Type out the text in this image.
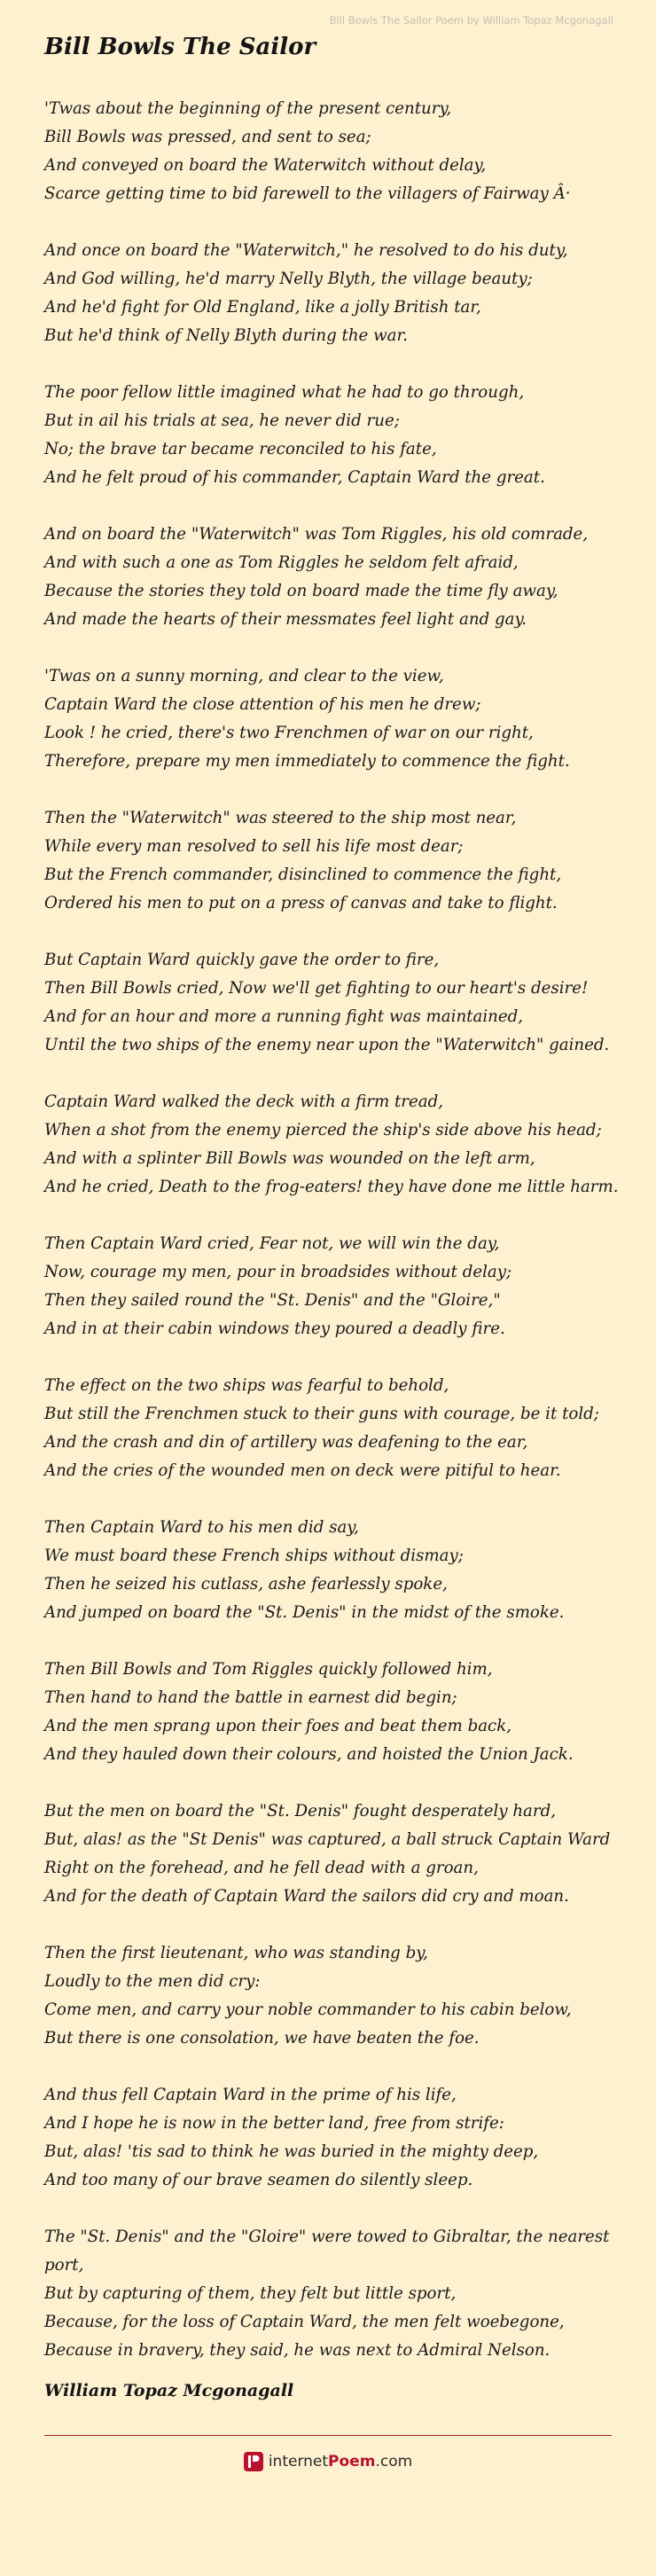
Bill Bowls The Sailor Poem by William Topaz Mcgonagall
Bill Bowls The Sailor
'Twas about the beginning of the present century,
Bill Bowls was pressed, and sent to sea;
And conveyed on board the Waterwitch without delay,
Scarce getting time to bid farewell to the villagers of Fairway Â·
And once on board the "Waterwitch," he resolved to do his duty,
And God willing, he'd marry Nelly Blyth, the village beauty;
And he'd fight for Old England, like a jolly British tar,
But he'd think of Nelly Blyth during the war.
The poor fellow little imagined what he had to go through,
But in ail his trials at sea, he never did rue;
No; the brave tar became reconciled to his fate,
And he felt proud of his commander, Captain Ward the great.
And on board the "Waterwitch" was Tom Riggles, his old comrade,
And with such a one as Tom Riggles he seldom felt afraid,
Because the stories they told on board made the time fly away,
And made the hearts of their messmates feel light and gay.
'Twas on a sunny morning, and clear to the view,
Captain Ward the close attention of his men he drew;
Look ! he cried, there's two Frenchmen of war on our right,
Therefore, prepare my men immediately to commence the fight.
Then the "Waterwitch" was steered to the ship most near,
While every man resolved to sell his life most dear;
But the French commander, disinclined to commence the fight,
Ordered his men to put on a press of canvas and take to flight.
But Captain Ward quickly gave the order to fire,
Then Bill Bowls cried, Now we'll get fighting to our heart's desire!
And for an hour and more a running fight was maintained,
Until the two ships of the enemy near upon the "Waterwitch" gained.
Captain Ward walked the deck with a firm tread,
When a shot from the enemy pierced the ship's side above his head;
And with a splinter Bill Bowls was wounded on the left arm,
And he cried, Death to the frog-eaters! they have done me little harm.
Then Captain Ward cried, Fear not, we will win the day,
Now, courage my men, pour in broadsides without delay;
Then they sailed round the "St. Denis" and the "Gloire,"
And in at their cabin windows they poured a deadly fire.
The effect on the two ships was fearful to behold,
But still the Frenchmen stuck to their guns with courage, be it told;
And the crash and din of artillery was deafening to the ear,
And the cries of the wounded men on deck were pitiful to hear.
Then Captain Ward to his men did say,
We must board these French ships without dismay;
Then he seized his cutlass, ashe fearlessly spoke,
And jumped on board the "St. Denis" in the midst of the smoke.
Then Bill Bowls and Tom Riggles quickly followed him,
Then hand to hand the battle in earnest did begin;
And the men sprang upon their foes and beat them back,
And they hauled down their colours, and hoisted the Union Jack.
But the men on board the "St. Denis" fought desperately hard,
But, alas! as the "St Denis" was captured, a ball struck Captain Ward
Right on the forehead, and he fell dead with a groan,
And for the death of Captain Ward the sailors did cry and moan.
Then the first lieutenant, who was standing by,
Loudly to the men did cry:
Come men, and carry your noble commander to his cabin below,
But there is one consolation, we have beaten the foe.
And thus fell Captain Ward in the prime of his life,
And I hope he is now in the better land, free from strife:
But, alas! 'tis sad to think he was buried in the mighty deep,
And too many of our brave seamen do silently sleep.
The "St. Denis" and the "Gloire" were towed to Gibraltar, the nearest port,
But by capturing of them, they felt but little sport,
Because, for the loss of Captain Ward, the men felt woebegone,
Because in bravery, they said, he was next to Admiral Nelson.
William Topaz Mcgonagall
internetPoem.com
